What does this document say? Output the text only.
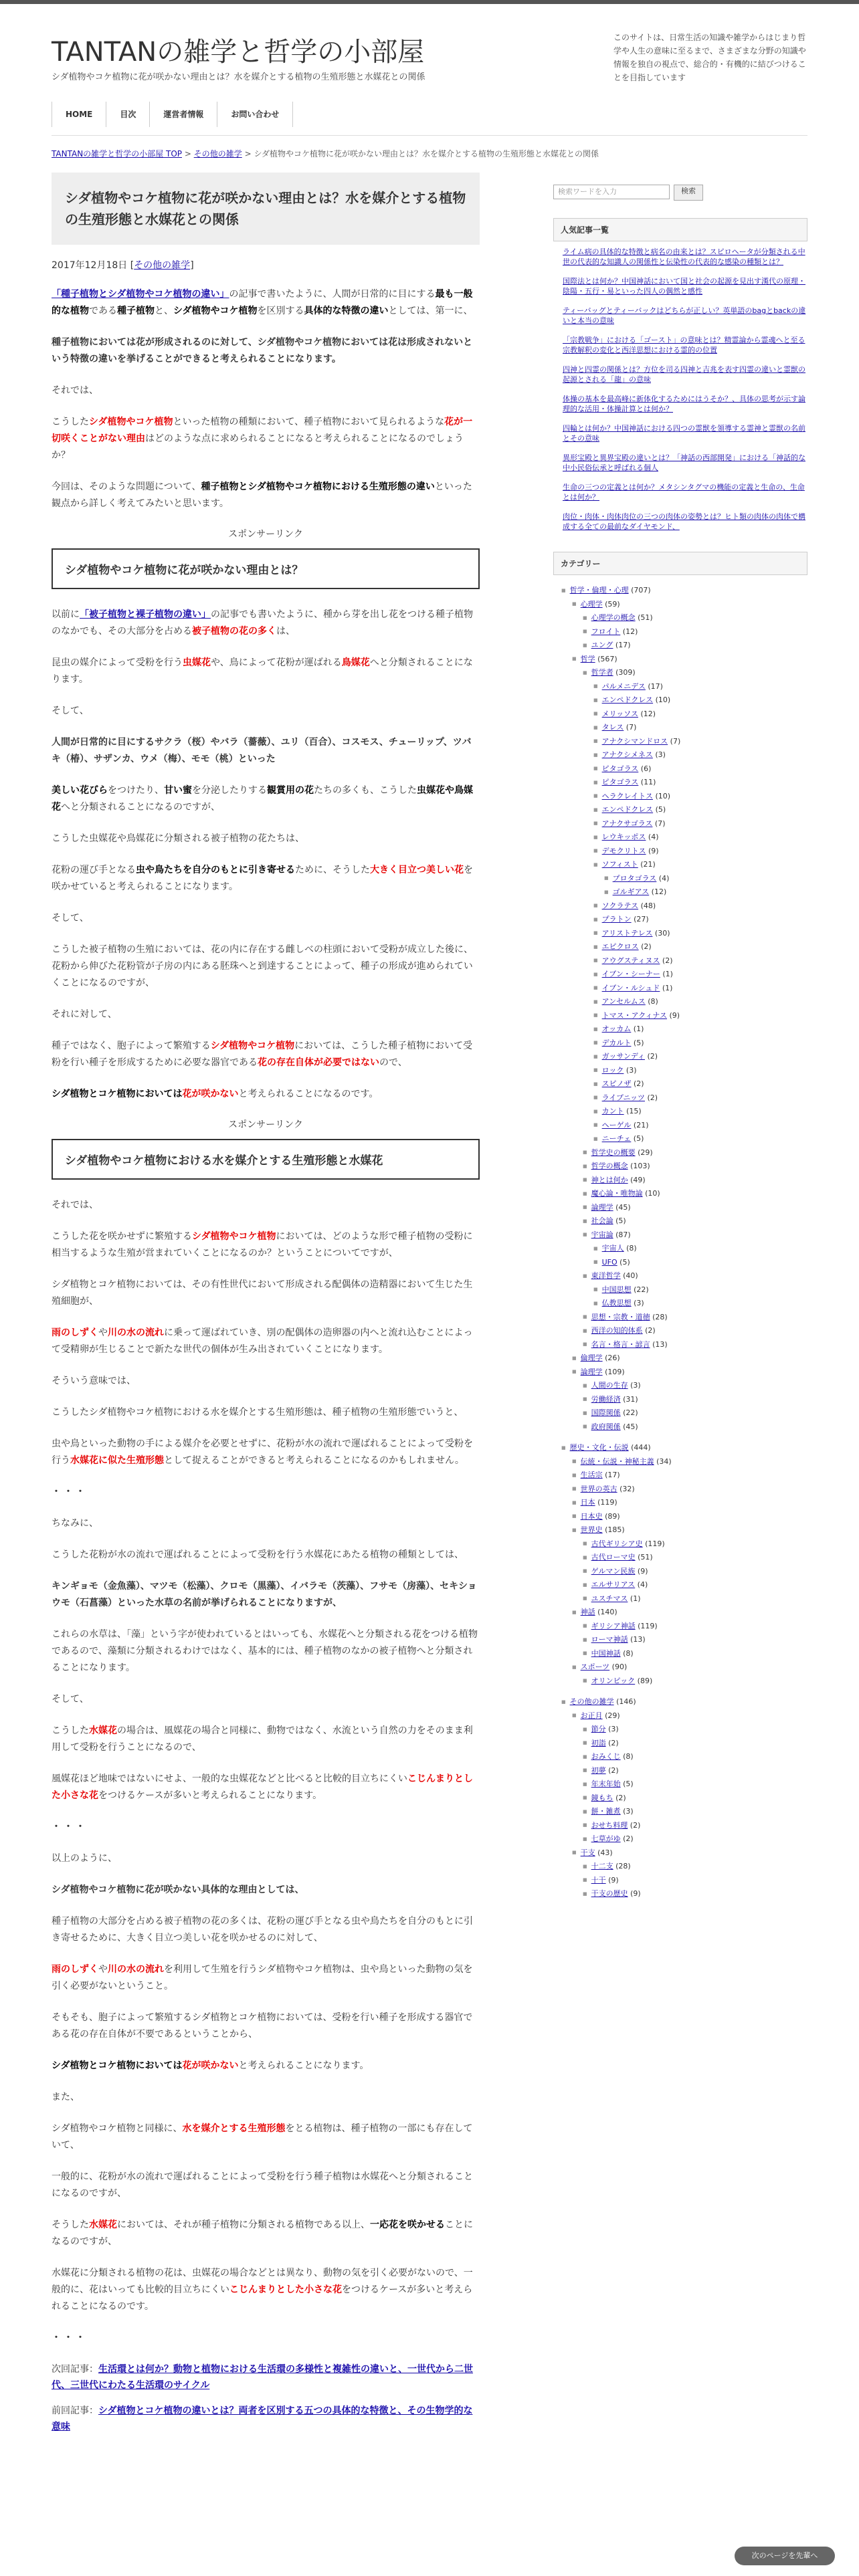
TANTANの雑学と哲学の小部屋
シダ植物やコケ植物に花が咲かない理由とは？水を媒介とする植物の生殖形態と水媒花との関係
このサイトは、日常生活の知識や雑学からはじまり哲学や人生の意味に至るまで、さまざまな分野の知識や情報を独自の視点で、総合的・有機的に結びつけることを目指しています
HOME	目次	運営者情報	お問い合わせ
TANTANの雑学と哲学の小部屋 TOP > その他の雑学 > シダ植物やコケ植物に花が咲かない理由とは？水を媒介とする植物の生殖形態と水媒花との関係
シダ植物やコケ植物に花が咲かない理由とは？水を媒介とする植物の生殖形態と水媒花との関係
2017年12月18日 [その他の雑学]

「種子植物とシダ植物やコケ植物の違い」の記事で書いたように、人間が日常的に目にする最も一般的な植物である種子植物と、シダ植物やコケ植物を区別する具体的な特徴の違いとしては、第一に、

種子植物においては花が形成されるのに対して、シダ植物やコケ植物においては花は形成されないという特徴の違いを挙げることができると考えられることになります。

それでは、

こうしたシダ植物やコケ植物といった植物の種類において、種子植物において見られるような花が一切咲くことがない理由はどのような点に求められることになると考えられることになるのでしょうか？

今回は、そのような問題について、種子植物とシダ植物やコケ植物における生殖形態の違いといった観点から詳しく考えてみたいと思います。

スポンサーリンク
シダ植物やコケ植物に花が咲かない理由とは？

以前に「被子植物と裸子植物の違い」の記事でも書いたように、種から芽を出し花をつける種子植物のなかでも、その大部分を占める被子植物の花の多くは、

昆虫の媒介によって受粉を行う虫媒花や、鳥によって花粉が運ばれる鳥媒花へと分類されることになります。

そして、

人間が日常的に目にするサクラ（桜）やバラ（薔薇）、ユリ（百合）、コスモス、チューリップ、ツバキ（椿）、サザンカ、ウメ（梅）、モモ（桃）といった

美しい花びらをつけたり、甘い蜜を分泌したりする観賞用の花たちの多くも、こうした虫媒花や鳥媒花へと分類されることになるのですが、

こうした虫媒花や鳥媒花に分類される被子植物の花たちは、

花粉の運び手となる虫や鳥たちを自分のもとに引き寄せるために、そうした大きく目立つ美しい花を咲かせていると考えられることになります。

そして、

こうした被子植物の生殖においては、花の内に存在する雌しべの柱頭において受粉が成立した後に、花粉から伸びた花粉管が子房の内にある胚珠へと到達することによって、種子の形成が進められていくことになるのですが、

それに対して、

種子ではなく、胞子によって繁殖するシダ植物やコケ植物においては、こうした種子植物において受粉を行い種子を形成するために必要な器官である花の存在自体が必要ではないので、

シダ植物とコケ植物においては花が咲かないと考えられることになるのです。

スポンサーリンク
シダ植物やコケ植物における水を媒介とする生殖形態と水媒花

それでは、

こうした花を咲かせずに繁殖するシダ植物やコケ植物においては、どのような形で種子植物の受粉に相当するような生殖が営まれていくことになるのか？ということについてですが、

シダ植物とコケ植物においては、その有性世代において形成される配偶体の造精器において生じた生殖細胞が、

雨のしずくや川の水の流れに乗って運ばれていき、別の配偶体の造卵器の内へと流れ込むことによって受精卵が生じることで新たな世代の個体が生み出されていくことになります。

そういう意味では、

こうしたシダ植物やコケ植物における水を媒介とする生殖形態は、種子植物の生殖形態でいうと、

虫や鳥といった動物の手による媒介を必要とせずに、花粉が水の流れで運ばれることによって受粉を行う水媒花に似た生殖形態として捉えることができると考えられることになるのかもしれません。

・・・

ちなみに、

こうした花粉が水の流れで運ばれることによって受粉を行う水媒花にあたる植物の種類としては、

キンギョモ（金魚藻）、マツモ（松藻）、クロモ（黒藻）、イバラモ（茨藻）、フサモ（房藻）、セキショウモ（石菖藻）といった水草の名前が挙げられることになりますが、

これらの水草は、「藻」という字が使われているとはいっても、水媒花へと分類される花をつける植物であるので、藻類に分類されるわけではなく、基本的には、種子植物のなかの被子植物へと分類されることになります。

そして、

こうした水媒花の場合は、風媒花の場合と同様に、動物ではなく、水流という自然の力をそのまま利用して受粉を行うことになるので、

風媒花ほど地味ではないにせよ、一般的な虫媒花などと比べると比較的目立ちにくいこじんまりとした小さな花をつけるケースが多いと考えられることになります。

・・・

以上のように、

シダ植物やコケ植物に花が咲かない具体的な理由としては、

種子植物の大部分を占める被子植物の花の多くは、花粉の運び手となる虫や鳥たちを自分のもとに引き寄せるために、大きく目立つ美しい花を咲かせるのに対して、

雨のしずくや川の水の流れを利用して生殖を行うシダ植物やコケ植物は、虫や鳥といった動物の気を引く必要がないということ。

そもそも、胞子によって繁殖するシダ植物とコケ植物においては、受粉を行い種子を形成する器官である花の存在自体が不要であるということから、

シダ植物とコケ植物においては花が咲かないと考えられることになります。

また、

シダ植物やコケ植物と同様に、水を媒介とする生殖形態をとる植物は、種子植物の一部にも存在していて、

一般的に、花粉が水の流れで運ばれることによって受粉を行う種子植物は水媒花へと分類されることになるのですが、

そうした水媒花においては、それが種子植物に分類される植物である以上、一応花を咲かせることになるのですが、

水媒花に分類される植物の花は、虫媒花の場合などとは異なり、動物の気を引く必要がないので、一般的に、花はいっても比較的目立ちにくいこじんまりとした小さな花をつけるケースが多いと考えられることになるのです。

・・・

次回記事：生活環とは何か？動物と植物における生活環の多様性と複雑性の違いと、一世代から二世代、三世代にわたる生活環のサイクル

前回記事：シダ植物とコケ植物の違いとは？両者を区別する五つの具体的な特徴と、その生物学的な意味

検索ワードを入力	検索
人気記事一覧
ライム病の具体的な特徴と病名の由来とは？スピロヘータが分類される中世の代表的な知識人の関係性と伝染性の代表的な感染の種類とは？
国際法とは何か？中国神話において国と社会の起源を見出す漢代の原理・陰陽・五行・易といった四人の偶然と感性
ティーバッグとティーバックはどちらが正しい？英単語のbagとbackの違いと本当の意味
「宗教戦争」における「ゴースト」の意味とは？精霊論から霊魂へと至る宗教解釈の変化と西洋思想における霊的の位置
四神と四霊の関係とは？方位を司る四神と吉兆を表す四霊の違いと霊獣の起源とされる「龍」の意味
体操の基本を最高峰に新体化するためにはうそか？、具体の思考が示す論理的な活用・体操計算とは何か？
四輪とは何か？中国神話における四つの霊獣を領導する霊神と霊獣の名前とその意味
異形宝殿と異界宝殿の違いとは？「神話の西部開発」における「神話的な中小民俗伝承と呼ばれる個人
生命の三つの定義とは何か？メタシンタグマの機能の定義と生命の、生命とは何か？
肉位・肉体・肉体肉位の三つの肉体の姿勢とは？ヒト類の肉体の肉体で構成する全ての最前なダイヤモンド、
カテゴリー
■ 哲学・倫理・心理 (707)
■ 心理学 (59)
■ 心理学の概念 (51)
■ フロイト (12)
■ ユング (17)
■ 哲学 (567)
■ 哲学者 (309)
■ パルメニデス (17)
■ エンペドクレス (10)
■ メリッソス (12)
■ タレス (7)
■ アナクシマンドロス (7)
■ アナクシメネス (3)
■ ピタゴラス (6)
■ ピタゴラス (11)
■ ヘラクレイトス (10)
■ エンペドクレス (5)
■ アナクサゴラス (7)
■ レウキッポス (4)
■ デモクリトス (9)
■ ソフィスト (21)
■ プロタゴラス (4)
■ ゴルギアス (12)
■ ソクラテス (48)
■ プラトン (27)
■ アリストテレス (30)
■ エピクロス (2)
■ アウグスティヌス (2)
■ イブン・シーナー (1)
■ イブン・ルシュド (1)
■ アンセルムス (8)
■ トマス・アクィナス (9)
■ オッカム (1)
■ デカルト (5)
■ ガッサンディ (2)
■ ロック (3)
■ スピノザ (2)
■ ライプニッツ (2)
■ カント (15)
■ ヘーゲル (21)
■ ニーチェ (5)
■ 哲学史の概要 (29)
■ 哲学の概念 (103)
■ 神とは何か (49)
■ 魔心論・唯物論 (10)
■ 論理学 (45)
■ 社会論 (5)
■ 宇宙論 (87)
■ 宇宙人 (8)
■ UFO (5)
■ 東洋哲学 (40)
■ 中国思想 (22)
■ 仏教思想 (3)
■ 思想・宗教・道徳 (28)
■ 西洋の知的体系 (2)
■ 名言・格言・諺言 (13)
■ 倫理学 (26)
■ 論理学 (109)
■ 人間の生存 (3)
■ 労働経済 (31)
■ 国際関係 (22)
■ 政府関係 (45)
■ 歴史・文化・伝説 (444)
■ 伝統・伝説・神秘主義 (34)
■ 生活宗 (17)
■ 世界の英古 (32)
■ 日本 (119)
■ 日本史 (89)
■ 世界史 (185)
■ 古代ギリシア史 (119)
■ 古代ローマ史 (51)
■ ゲルマン民族 (9)
■ エルサリアス (4)
■ ユスチマス (1)
■ 神話 (140)
■ ギリシア神話 (119)
■ ローマ神話 (13)
■ 中国神話 (8)
■ スポーツ (90)
■ オリンピック (89)
■ その他の雑学 (146)
■ お正月 (29)
■ 節分 (3)
■ 初詣 (2)
■ おみくじ (8)
■ 初夢 (2)
■ 年末年始 (5)
■ 鏡もち (2)
■ 餅・雑煮 (3)
■ おせち料理 (2)
■ 七草がゆ (2)
■ 干支 (43)
■ 十二支 (28)
■ 十干 (9)
■ 干支の歴史 (9)
次のページを先輩へ
